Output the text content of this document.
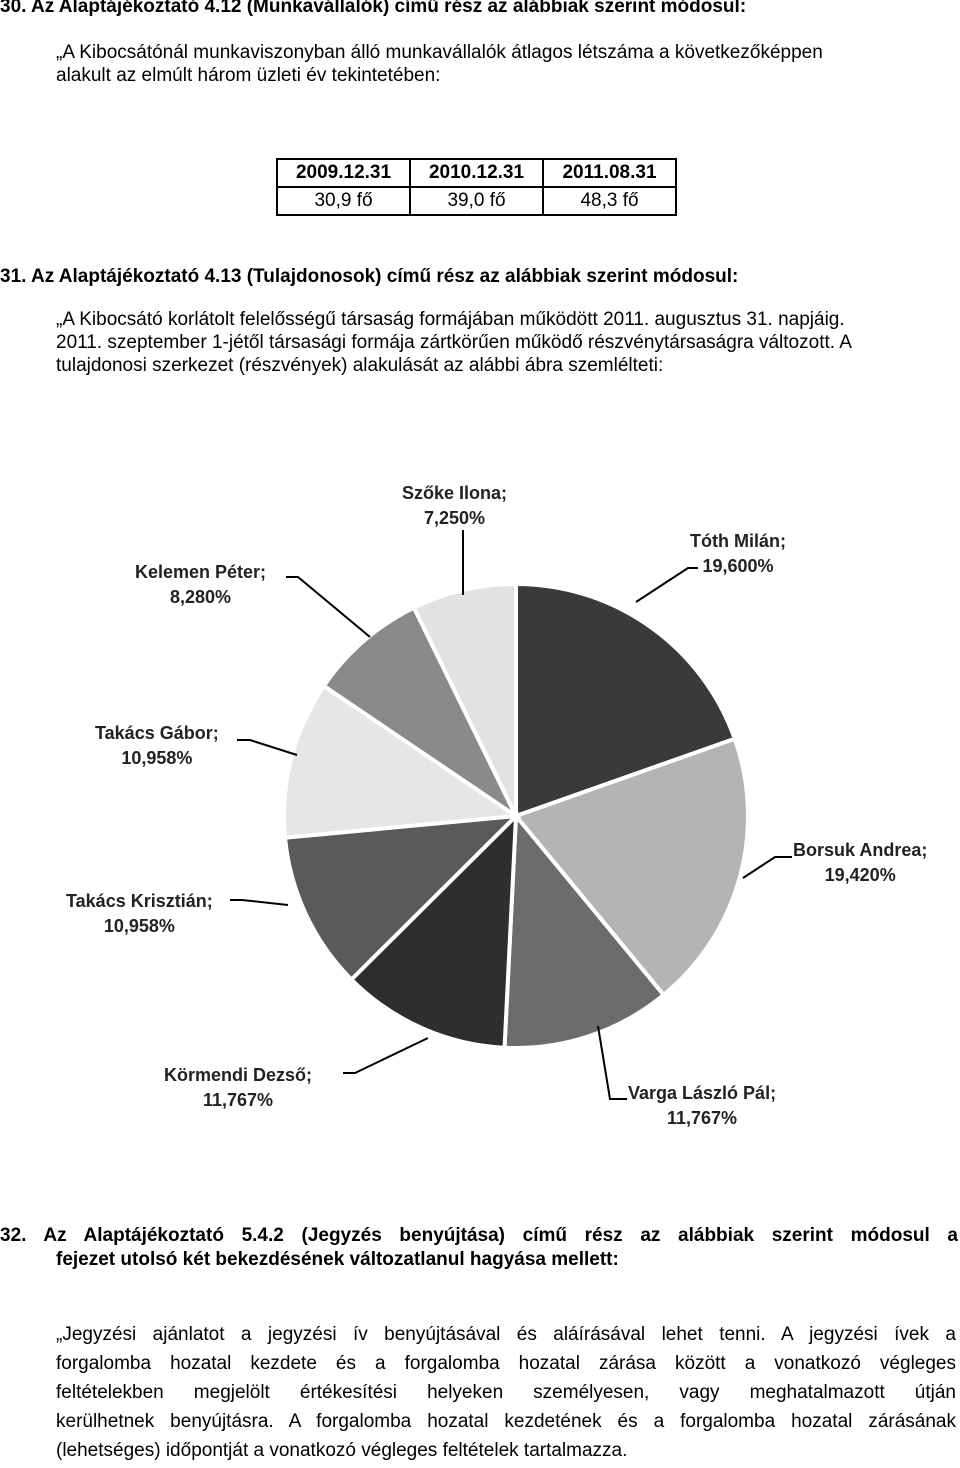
30. Az Alaptájékoztató 4.12 (Munkavállalók) című rész az alábbiak szerint módosul:
„A Kibocsátónál munkaviszonyban álló munkavállalók átlagos létszáma a következőképpen
alakult az elmúlt három üzleti év tekintetében:
2009.12.31	2010.12.31	2011.08.31
30,9 fő	39,0 fő	48,3 fő
31. Az Alaptájékoztató 4.13 (Tulajdonosok) című rész az alábbiak szerint módosul:
„A Kibocsátó korlátolt felelősségű társaság formájában működött 2011. augusztus 31. napjáig.
2011. szeptember 1-jétől társasági formája zártkörűen működő részvénytársaságra változott. A
tulajdonosi szerkezet (részvények) alakulását az alábbi ábra szemlélteti:
Szőke Ilona;
7,250%
Tóth Milán;
19,600%
Kelemen Péter;
8,280%
Takács Gábor;
10,958%
Borsuk Andrea;
19,420%
Takács Krisztián;
10,958%
Körmendi Dezső;
11,767%	Varga László Pál;
11,767%
32. Az Alaptájékoztató 5.4.2 (Jegyzés benyújtása) című rész az alábbiak szerint módosul a
fejezet utolsó két bekezdésének változatlanul hagyása mellett:
„Jegyzési ajánlatot a jegyzési ív benyújtásával és aláírásával lehet tenni. A jegyzési ívek a
forgalomba hozatal kezdete és a forgalomba hozatal zárása között a vonatkozó végleges
feltételekben megjelölt értékesítési helyeken személyesen, vagy meghatalmazott útján
kerülhetnek benyújtásra. A forgalomba hozatal kezdetének és a forgalomba hozatal zárásának
(lehetséges) időpontját a vonatkozó végleges feltételek tartalmazza.
